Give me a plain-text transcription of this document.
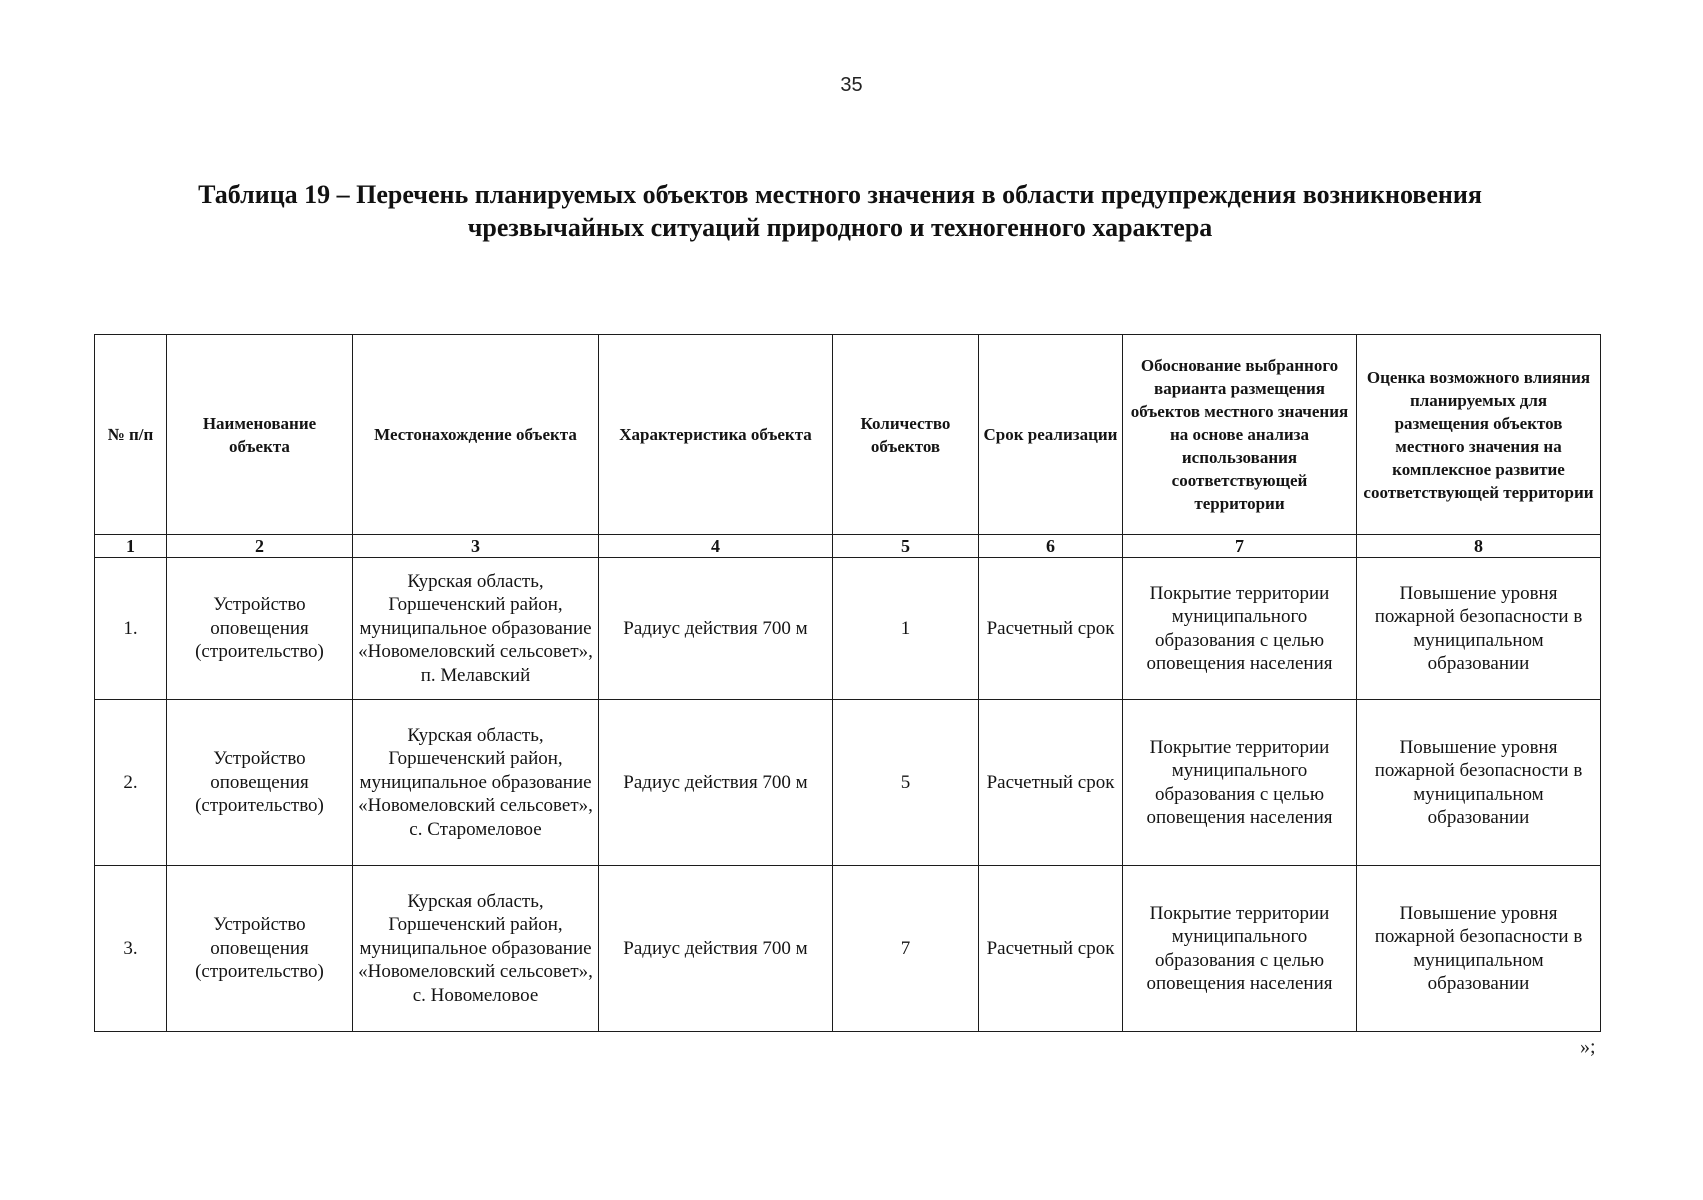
35
Таблица 19 – Перечень планируемых объектов местного значения в области предупреждения возникновения
чрезвычайных ситуаций природного и техногенного характера
№ п/п	Наименование объекта	Местонахождение объекта	Характеристика объекта	Количество объектов	Срок реализации	Обоснование выбранного варианта размещения объектов местного значения на основе анализа использования соответствующей территории	Оценка возможного влияния планируемых для размещения объектов местного значения на комплексное развитие соответствующей территории
1	2	3	4	5	6	7	8
1.	Устройство оповещения (строительство)	Курская область, Горшеченский район, муниципальное образование «Новомеловский сельсовет», п. Мелавский	Радиус действия 700 м	1	Расчетный срок	Покрытие территории муниципального образования с целью оповещения населения	Повышение уровня пожарной безопасности в муниципальном образовании
2.	Устройство оповещения (строительство)	Курская область, Горшеченский район, муниципальное образование «Новомеловский сельсовет», с. Старомеловое	Радиус действия 700 м	5	Расчетный срок	Покрытие территории муниципального образования с целью оповещения населения	Повышение уровня пожарной безопасности в муниципальном образовании
3.	Устройство оповещения (строительство)	Курская область, Горшеченский район, муниципальное образование «Новомеловский сельсовет», с. Новомеловое	Радиус действия 700 м	7	Расчетный срок	Покрытие территории муниципального образования с целью оповещения населения	Повышение уровня пожарной безопасности в муниципальном образовании
»;
